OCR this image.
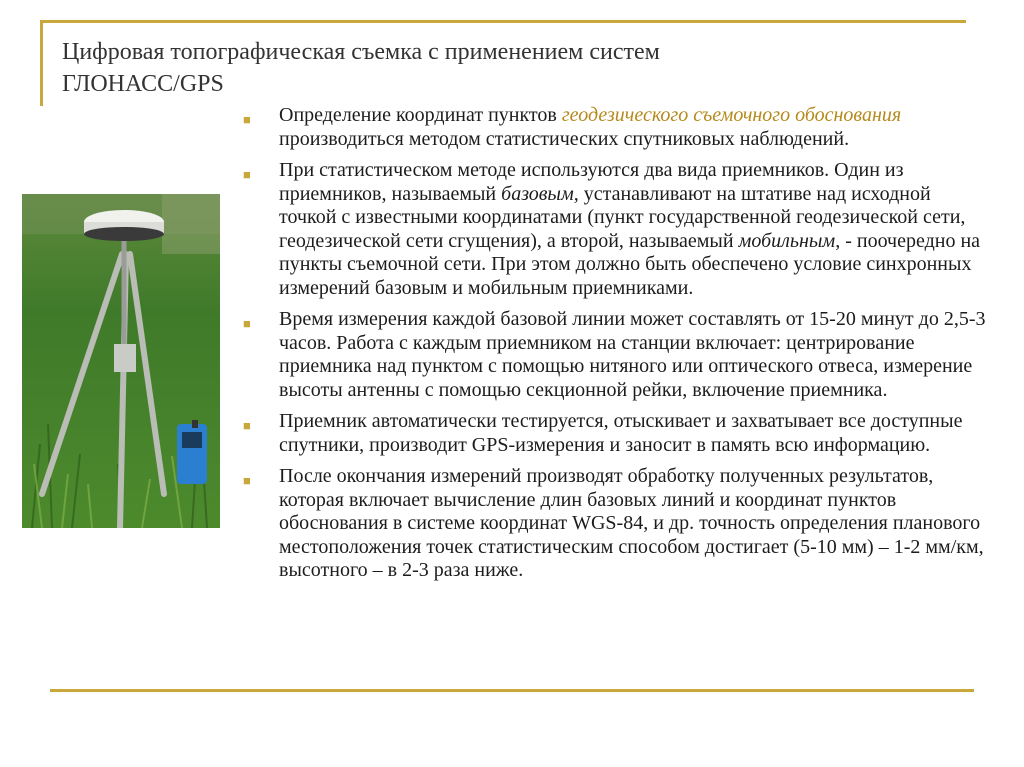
Цифровая топографическая съемка с применением систем
ГЛОНАСС/GPS
■ Определение координат пунктов геодезического съемочного обоснования производиться методом статистических спутниковых наблюдений.
■ При статистическом методе используются два вида приемников. Один из приемников, называемый базовым, устанавливают на штативе над исходной точкой с известными координатами (пункт государственной геодезической сети, геодезической сети сгущения), а второй, называемый мобильным, - поочередно на пункты съемочной сети. При этом должно быть обеспечено условие синхронных измерений базовым и мобильным приемниками.
■ Время измерения каждой базовой линии может составлять от 15-20 минут до 2,5-3 часов. Работа с каждым приемником на станции включает: центрирование приемника над пунктом с помощью нитяного или оптического отвеса, измерение высоты антенны с помощью секционной рейки, включение приемника.
■ Приемник автоматически тестируется, отыскивает и захватывает все доступные спутники, производит GPS-измерения и заносит в память всю информацию.
■ После окончания измерений производят обработку полученных результатов, которая включает вычисление длин базовых линий и координат пунктов обоснования в системе координат WGS-84, и др. точность определения планового местоположения точек статистическим способом достигает (5-10 мм) – 1-2 мм/км, высотного – в 2-3 раза ниже.
